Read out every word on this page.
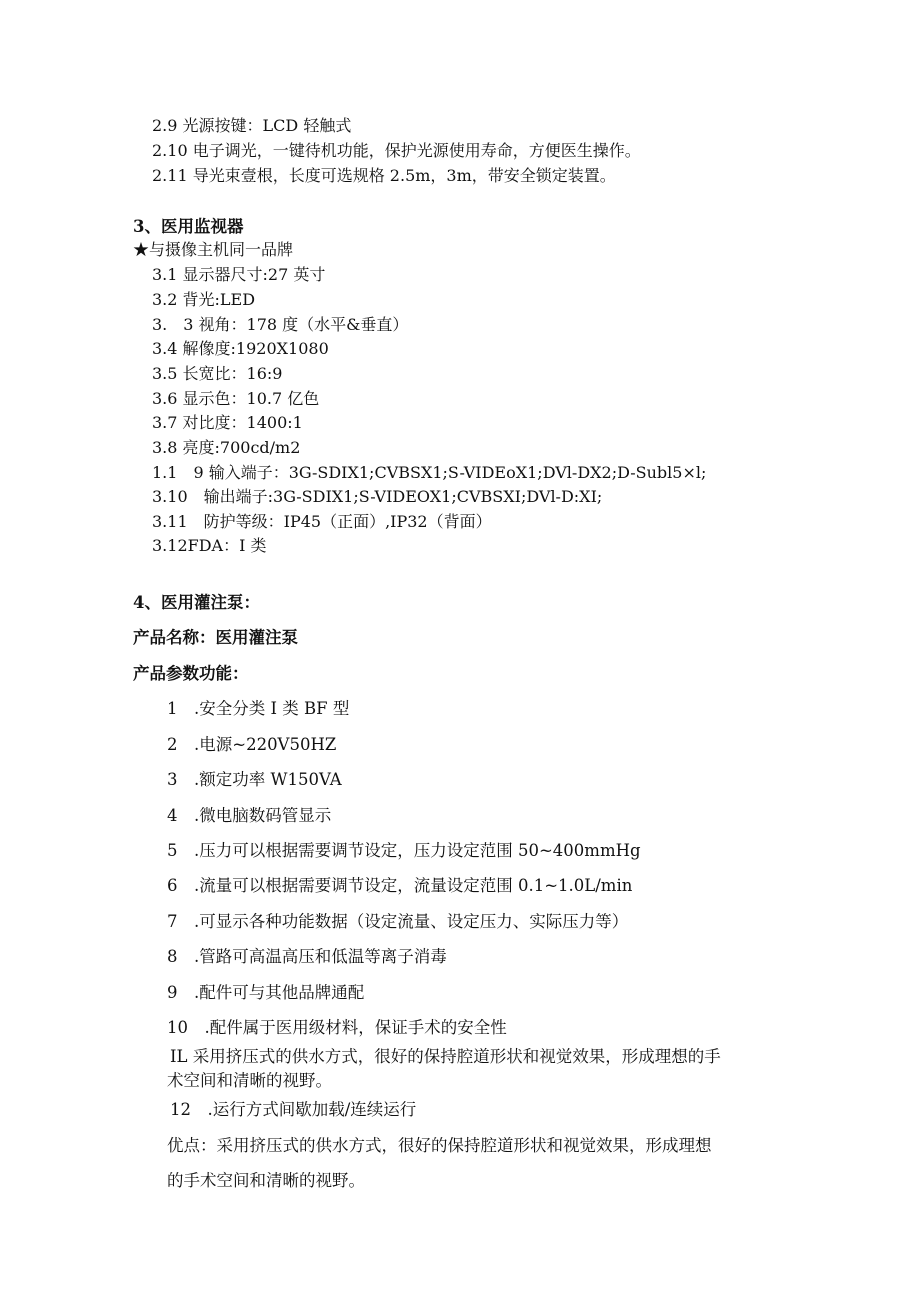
2.9 光源按键：LCD 轻触式
2.10 电子调光，一键待机功能，保护光源使用寿命，方便医生操作。
2.11 导光束壹根，长度可选规格 2.5m，3m，带安全锁定装置。
3、医用监视器
★与摄像主机同一品牌
3.1 显示器尺寸:27 英寸
3.2 背光:LED
3.　3 视角：178 度（水平&垂直）
3.4 解像度:1920X1080
3.5 长宽比：16:9
3.6 显示色：10.7 亿色
3.7 对比度：1400:1
3.8 亮度:700cd/m2
1.1　9 输入端子：3G-SDIX1;CVBSX1;S-VIDEoX1;DVl-DX2;D-Subl5×l;
3.10　输出端子:3G-SDIX1;S-VIDEOX1;CVBSXI;DVl-D:XI;
3.11　防护等级：IP45（正面）,IP32（背面）
3.12FDA：I 类
4、医用灌注泵：
产品名称：医用灌注泵
产品参数功能：
1　.安全分类 I 类 BF 型
2　.电源~220V50HZ
3　.额定功率 W150VA
4　.微电脑数码管显示
5　.压力可以根据需要调节设定，压力设定范围 50~400mmHg
6　.流量可以根据需要调节设定，流量设定范围 0.1~1.0L/min
7　.可显示各种功能数据（设定流量、设定压力、实际压力等）
8　.管路可高温高压和低温等离子消毒
9　.配件可与其他品牌通配
10　.配件属于医用级材料，保证手术的安全性
IL 采用挤压式的供水方式，很好的保持腔道形状和视觉效果，形成理想的手
术空间和清晰的视野。
12　.运行方式间歇加载/连续运行
优点：采用挤压式的供水方式，很好的保持腔道形状和视觉效果，形成理想
的手术空间和清晰的视野。
